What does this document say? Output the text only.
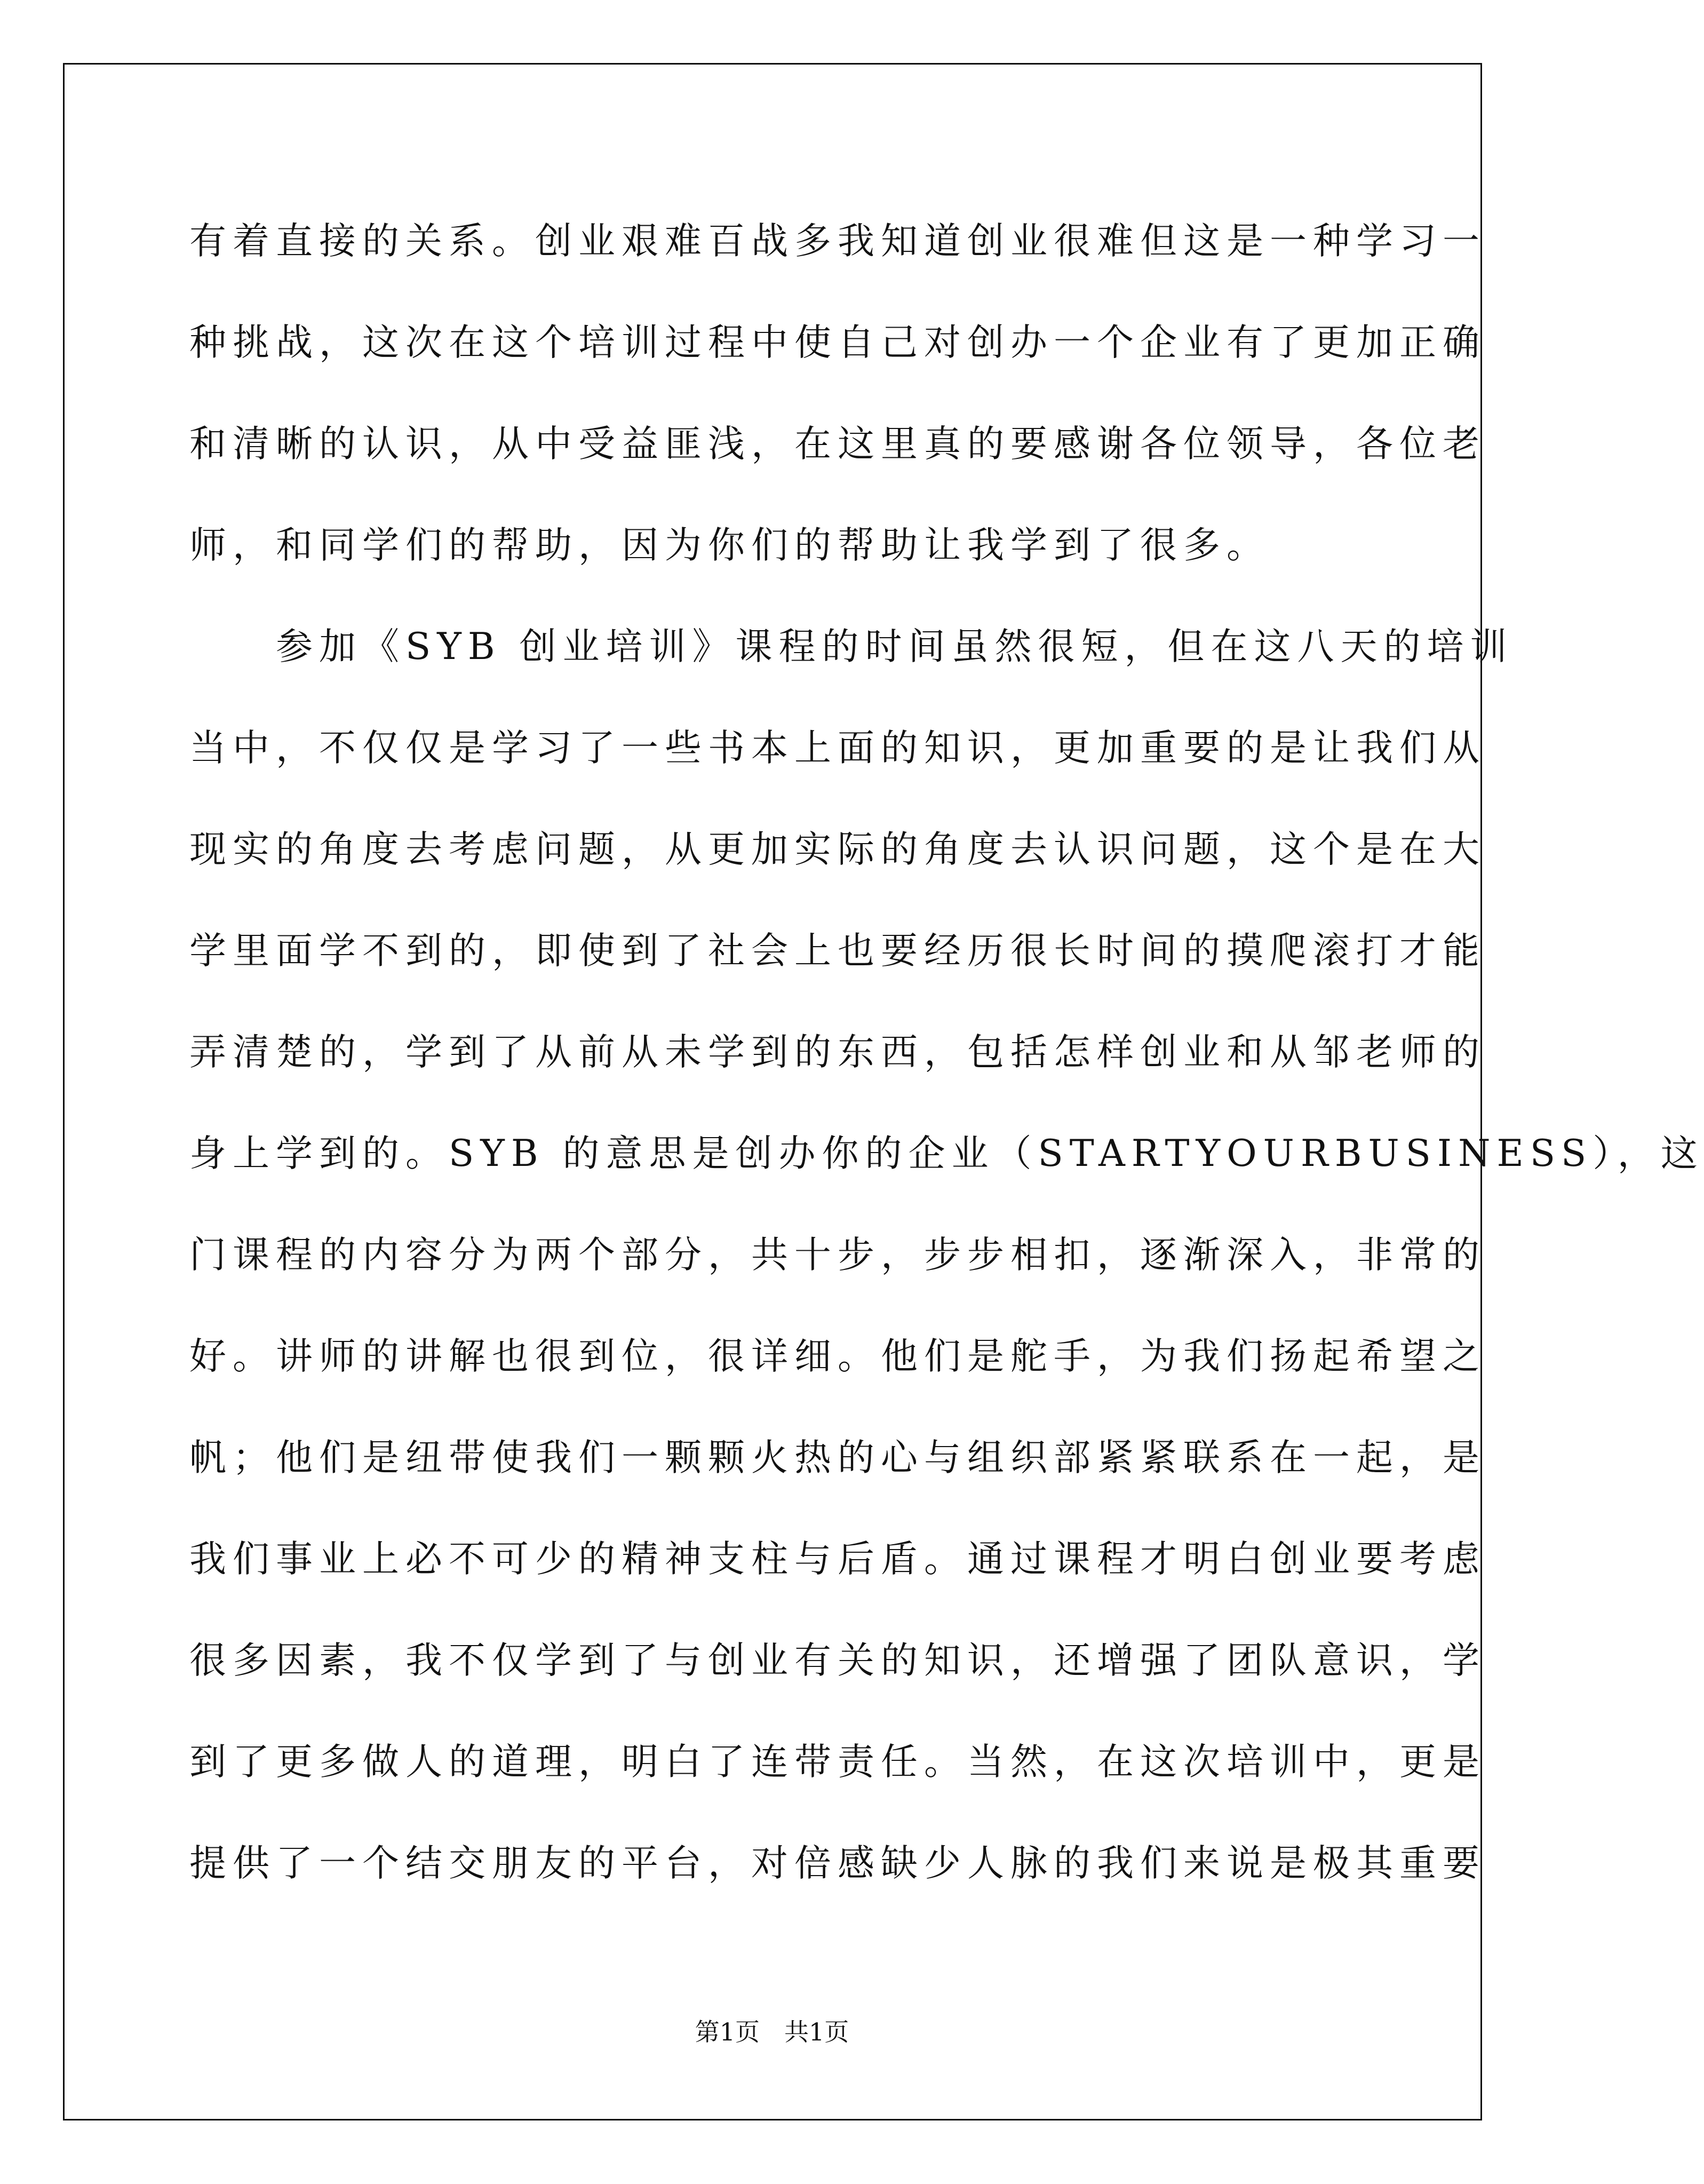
有着直接的关系。创业艰难百战多我知道创业很难但这是一种学习一
种挑战，这次在这个培训过程中使自己对创办一个企业有了更加正确
和清晰的认识，从中受益匪浅，在这里真的要感谢各位领导，各位老
师，和同学们的帮助，因为你们的帮助让我学到了很多。
　　参加《SYB 创业培训》课程的时间虽然很短，但在这八天的培训
当中，不仅仅是学习了一些书本上面的知识，更加重要的是让我们从
现实的角度去考虑问题，从更加实际的角度去认识问题，这个是在大
学里面学不到的，即使到了社会上也要经历很长时间的摸爬滚打才能
弄清楚的，学到了从前从未学到的东西，包括怎样创业和从邹老师的
身上学到的。SYB 的意思是创办你的企业（STARTYOURBUSINESS），这
门课程的内容分为两个部分，共十步，步步相扣，逐渐深入，非常的
好。讲师的讲解也很到位，很详细。他们是舵手，为我们扬起希望之
帆；他们是纽带使我们一颗颗火热的心与组织部紧紧联系在一起，是
我们事业上必不可少的精神支柱与后盾。通过课程才明白创业要考虑
很多因素，我不仅学到了与创业有关的知识，还增强了团队意识，学
到了更多做人的道理，明白了连带责任。当然，在这次培训中，更是
提供了一个结交朋友的平台，对倍感缺少人脉的我们来说是极其重要
第1页　共1页
